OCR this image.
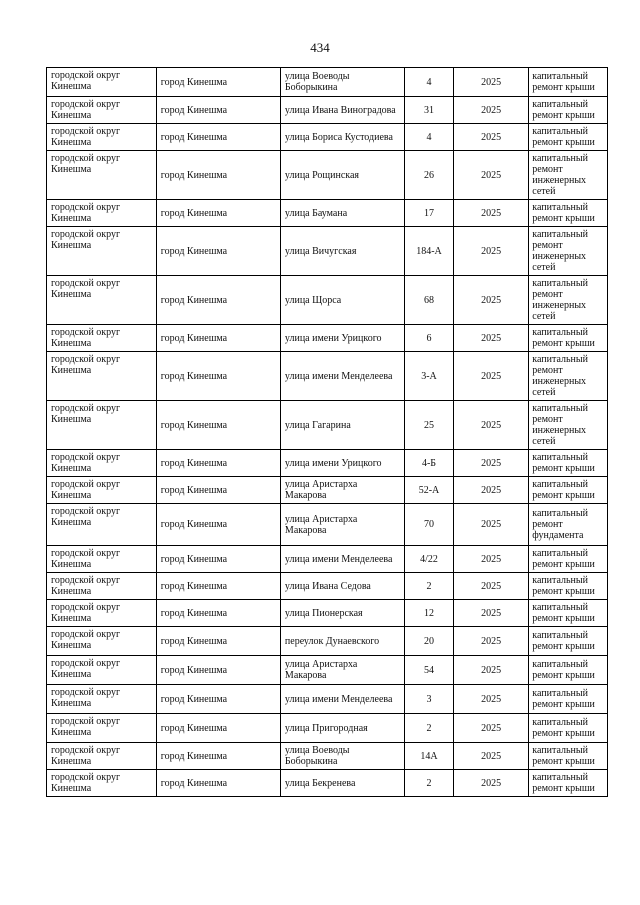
434
городской округ Кинешма	город Кинешма	улица Воеводы Боборыкина	4	2025	капитальный ремонт крыши
городской округ Кинешма	город Кинешма	улица Ивана Виноградова	31	2025	капитальный ремонт крыши
городской округ Кинешма	город Кинешма	улица Бориса Кустодиева	4	2025	капитальный ремонт крыши
городской округ Кинешма	город Кинешма	улица Рощинская	26	2025	капитальный ремонт инженерных сетей
городской округ Кинешма	город Кинешма	улица Баумана	17	2025	капитальный ремонт крыши
городской округ Кинешма	город Кинешма	улица Вичугская	184-А	2025	капитальный ремонт инженерных сетей
городской округ Кинешма	город Кинешма	улица Щорса	68	2025	капитальный ремонт инженерных сетей
городской округ Кинешма	город Кинешма	улица имени Урицкого	6	2025	капитальный ремонт крыши
городской округ Кинешма	город Кинешма	улица имени Менделеева	3-А	2025	капитальный ремонт инженерных сетей
городской округ Кинешма	город Кинешма	улица Гагарина	25	2025	капитальный ремонт инженерных сетей
городской округ Кинешма	город Кинешма	улица имени Урицкого	4-Б	2025	капитальный ремонт крыши
городской округ Кинешма	город Кинешма	улица Аристарха Макарова	52-А	2025	капитальный ремонт крыши
городской округ Кинешма	город Кинешма	улица Аристарха Макарова	70	2025	капитальный ремонт фундамента
городской округ Кинешма	город Кинешма	улица имени Менделеева	4/22	2025	капитальный ремонт крыши
городской округ Кинешма	город Кинешма	улица Ивана Седова	2	2025	капитальный ремонт крыши
городской округ Кинешма	город Кинешма	улица Пионерская	12	2025	капитальный ремонт крыши
городской округ Кинешма	город Кинешма	переулок Дунаевского	20	2025	капитальный ремонт крыши
городской округ Кинешма	город Кинешма	улица Аристарха Макарова	54	2025	капитальный ремонт крыши
городской округ Кинешма	город Кинешма	улица имени Менделеева	3	2025	капитальный ремонт крыши
городской округ Кинешма	город Кинешма	улица Пригородная	2	2025	капитальный ремонт крыши
городской округ Кинешма	город Кинешма	улица Воеводы Боборыкина	14А	2025	капитальный ремонт крыши
городской округ Кинешма	город Кинешма	улица Бекренева	2	2025	капитальный ремонт крыши
